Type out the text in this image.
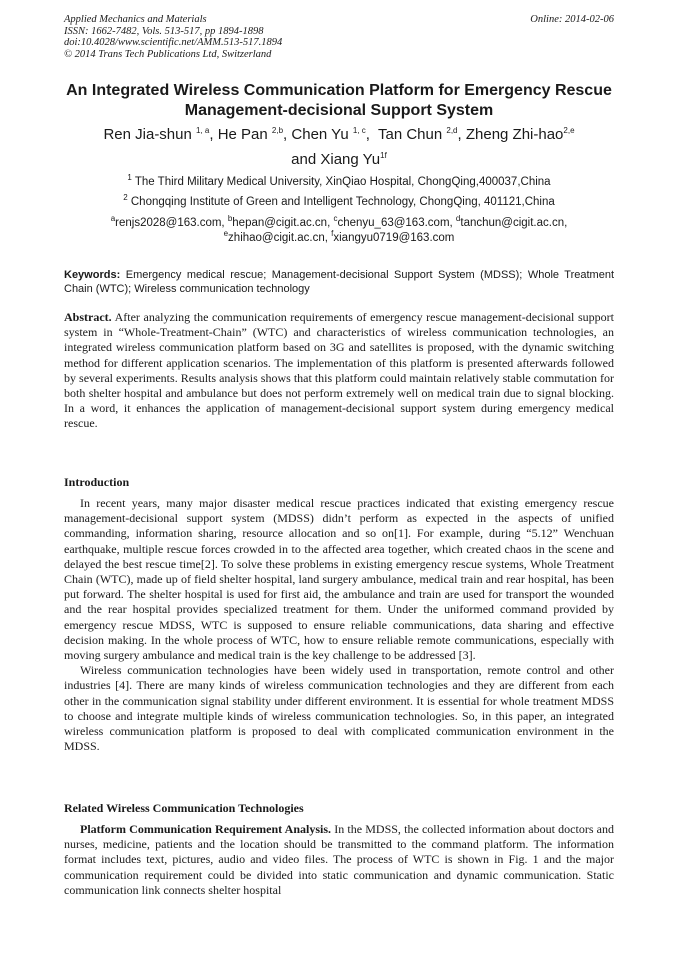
Applied Mechanics and Materials
ISSN: 1662-7482, Vols. 513-517, pp 1894-1898
doi:10.4028/www.scientific.net/AMM.513-517.1894
© 2014 Trans Tech Publications Ltd, Switzerland
Online: 2014-02-06
An Integrated Wireless Communication Platform for Emergency Rescue
Management-decisional Support System
Ren Jia-shun $^{1, a}$, He Pan $^{2,b}$, Chen Yu $^{1, c}$,  Tan Chun $^{2,d}$, Zheng Zhi-hao$^{2,e}$
and Xiang $Yu^{1f}$
$^1$ The Third Military Medical University, XinQiao Hospital, ChongQing,400037,China
$^2$ Chongqing Institute of Green and Intelligent Technology, ChongQing, 401121,China
$^a$renjs2028@163.com, $^b$hepan@cigit.ac.cn, $^c$chenyu_63@163.com, $^d$tanchun@cigit.ac.cn,
$^e$zhihao@cigit.ac.cn, $^f$xiangyu0719@163.com
Keywords: Emergency medical rescue; Management-decisional Support System (MDSS); Whole Treatment Chain (WTC); Wireless communication technology
Abstract. After analyzing the communication requirements of emergency rescue management-decisional support system in “Whole-Treatment-Chain” (WTC) and characteristics of wireless communication technologies, an integrated wireless communication platform based on 3G and satellites is proposed, with the dynamic switching method for different application scenarios. The implementation of this platform is presented afterwards followed by several experiments. Results analysis shows that this platform could maintain relatively stable commutation for both shelter hospital and ambulance but does not perform extremely well on medical train due to signal blocking. In a word, it enhances the application of management-decisional support system during emergency medical rescue.
Introduction

In recent years, many major disaster medical rescue practices indicated that existing emergency rescue management-decisional support system (MDSS) didn’t perform as expected in the aspects of unified commanding, information sharing, resource allocation and so on[1]. For example, during “5.12” Wenchuan earthquake, multiple rescue forces crowded in to the affected area together, which created chaos in the scene and delayed the best rescue time[2]. To solve these problems in existing emergency rescue systems, Whole Treatment Chain (WTC), made up of field shelter hospital, land surgery ambulance, medical train and rear hospital, has been put forward. The shelter hospital is used for first aid, the ambulance and train are used for transport the wounded and the rear hospital provides specialized treatment for them. Under the uniformed command provided by emergency rescue MDSS, WTC is supposed to ensure reliable communications, data sharing and effective decision making. In the whole process of WTC, how to ensure reliable remote communications, especially with moving surgery ambulance and medical train is the key challenge to be addressed [3].

Wireless communication technologies have been widely used in transportation, remote control and other industries [4]. There are many kinds of wireless communication technologies and they are different from each other in the communication signal stability under different environment. It is essential for whole treatment MDSS to choose and integrate multiple kinds of wireless communication technologies. So, in this paper, an integrated wireless communication platform is proposed to deal with complicated communication environment in the MDSS.

Related Wireless Communication Technologies

Platform Communication Requirement Analysis. In the MDSS, the collected information about doctors and nurses, medicine, patients and the location should be transmitted to the command platform. The information format includes text, pictures, audio and video files. The process of WTC is shown in Fig. 1 and the major communication requirement could be divided into static communication and dynamic communication. Static communication link connects shelter hospital
